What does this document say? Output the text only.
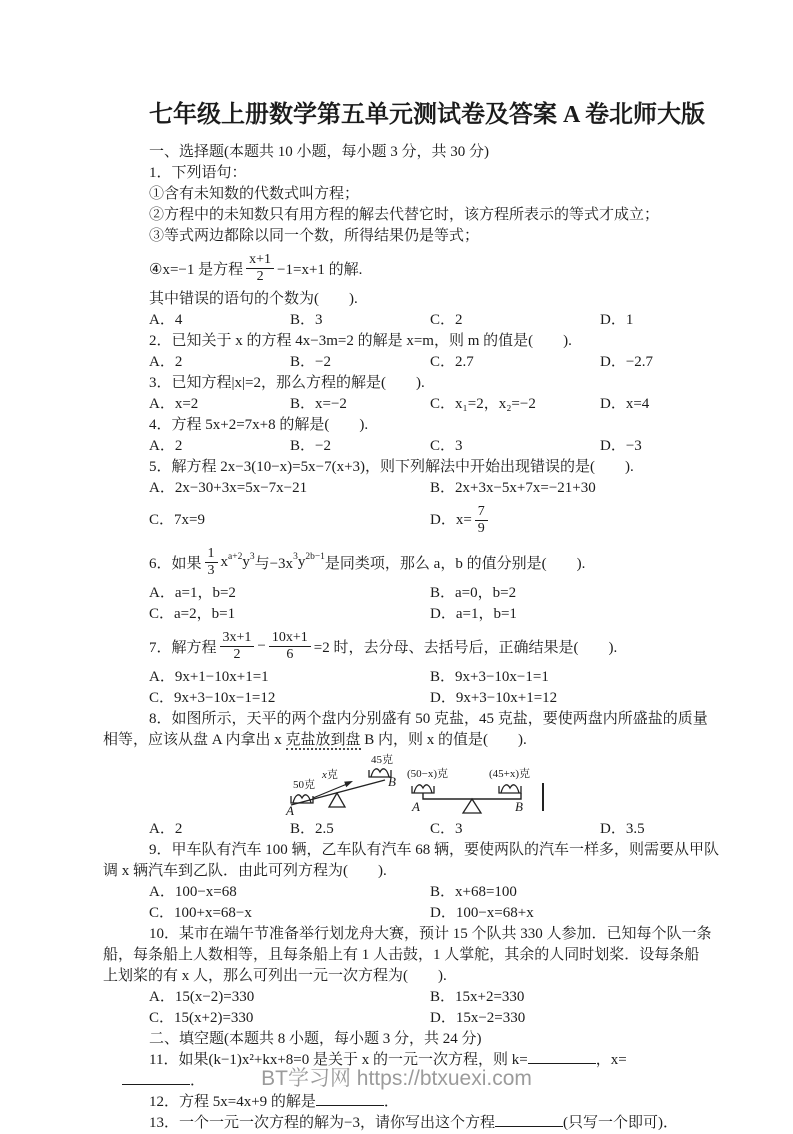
七年级上册数学第五单元测试卷及答案 A 卷北师大版
一、选择题(本题共 10 小题，每小题 3 分，共 30 分)
1．下列语句：
①含有未知数的代数式叫方程；
②方程中的未知数只有用方程的解去代替它时，该方程所表示的等式才成立；
③等式两边都除以同一个数，所得结果仍是等式；
④x=−1 是方程 $\frac{x+1}{2} -1=x+1$ 的解.
其中错误的语句的个数为(　　).
A．4	B．3	C．2	D．1
2．已知关于 x 的方程 4x−3m=2 的解是 x=m，则 m 的值是(　　).
A．2	B．−2	C．2.7	D．−2.7
3．已知方程|x|=2，那么方程的解是(　　).
A．x=2	B．x=−2	C．x₁=2，x₂=−2	D．x=4
4．方程 5x+2=7x+8 的解是(　　).
A．2	B．−2	C．3	D．−3
5．解方程 2x−3(10−x)=5x−7(x+3)，则下列解法中开始出现错误的是(　　).
A．2x−30+3x=5x−7x−21	B．2x+3x−5x+7x=−21+30
C．7x=9	D．$x= \frac{7}{9}$
6．如果 $\frac{1}{3}$ x a+2 y 3 与−3x 3 y 2b−1 是同类项，那么 a，b 的值分别是(　　).
A．a=1，b=2	B．a=0，b=2
C．a=2，b=1	D．a=1，b=1
7．解方程 $\frac{3x+1}{2} - \frac{10x+1}{6} =2$ 时，去分母、去括号后，正确结果是(　　).
A．9x+1−10x+1=1	B．9x+3−10x−1=1
C．9x+3−10x−1=12	D．9x+3−10x+1=12
8．如图所示，天平的两个盘内分别盛有 50 克盐，45 克盐，要使两盘内所盛盐的质量
相等，应该从盘 A 内拿出 x 克盐放到盘 B 内，则 x 的值是(　　).
50克
45克
A
B
x克	(50−x)克	(45+x)克
A	B
A．2	B．2.5	C．3	D．3.5
9．甲车队有汽车 100 辆，乙车队有汽车 68 辆，要使两队的汽车一样多，则需要从甲队
调 x 辆汽车到乙队．由此可列方程为(　　).
A．100−x=68	B．x+68=100
C．100+x=68−x	D．100−x=68+x
10．某市在端午节准备举行划龙舟大赛，预计 15 个队共 330 人参加．已知每个队一条
船，每条船上人数相等，且每条船上有 1 人击鼓，1 人掌舵，其余的人同时划桨．设每条船
上划桨的有 x 人，那么可列出一元一次方程为(　　).
A．15(x−2)=330	B．15x+2=330
C．15(x+2)=330	D．15x−2=330
二、填空题(本题共 8 小题，每小题 3 分，共 24 分)
11．如果(k−1)x²+kx+8=0 是关于 x 的一元一次方程，则 k=	，x=
．
12．方程 5x=4x+9 的解是	．
13．一个一元一次方程的解为−3，请你写出这个方程	(只写一个即可)．
BT学习网 https://btxuexi.com
